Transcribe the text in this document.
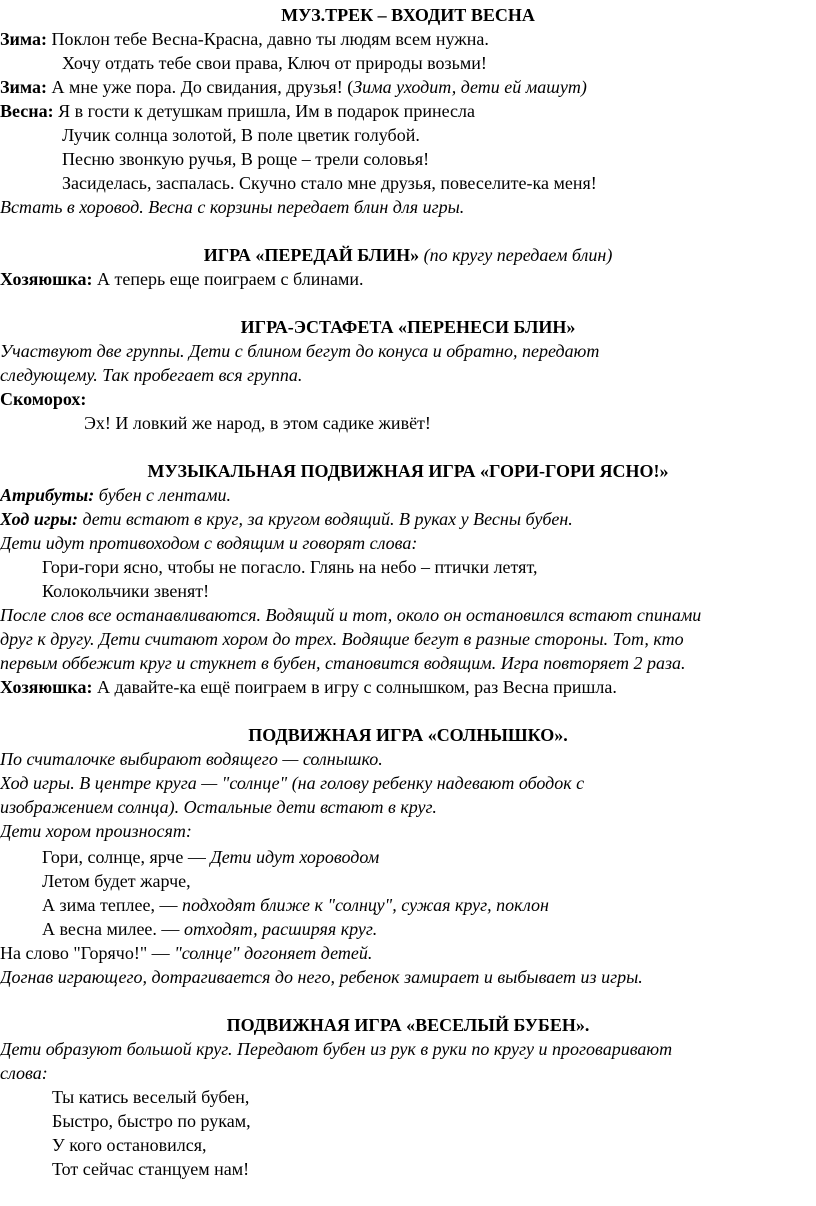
МУЗ.ТРЕК – ВХОДИТ ВЕСНА
Зима: Поклон тебе Весна-Красна, давно ты людям всем нужна.
Хочу отдать тебе свои права, Ключ от природы возьми!
Зима: А мне уже пора. До свидания, друзья! (Зима уходит, дети ей машут)
Весна: Я в гости к детушкам пришла, Им в подарок принесла
Лучик солнца золотой, В поле цветик голубой.
Песню звонкую ручья, В роще – трели соловья!
Засиделась, заспалась. Скучно стало мне друзья, повеселите-ка меня!
Встать в хоровод. Весна с корзины передает блин для игры.
ИГРА «ПЕРЕДАЙ БЛИН» (по кругу передаем блин)
Хозяюшка: А теперь еще поиграем с блинами.
ИГРА-ЭСТАФЕТА «ПЕРЕНЕСИ БЛИН»
Участвуют две группы. Дети с блином бегут до конуса и обратно, передают
следующему. Так пробегает вся группа.
Скоморох:
Эх! И ловкий же народ, в этом садике живёт!
МУЗЫКАЛЬНАЯ ПОДВИЖНАЯ ИГРА «ГОРИ-ГОРИ ЯСНО!»
Атрибуты: бубен с лентами.
Ход игры: дети встают в круг, за кругом водящий. В руках у Весны бубен.
Дети идут противоходом с водящим и говорят слова:
Гори-гори ясно, чтобы не погасло. Глянь на небо – птички летят,
Колокольчики звенят!
После слов все останавливаются. Водящий и тот, около он остановился встают спинами
друг к другу. Дети считают хором до трех. Водящие бегут в разные стороны. Тот, кто
первым оббежит круг и стукнет в бубен, становится водящим. Игра повторяет 2 раза.
Хозяюшка: А давайте-ка ещё поиграем в игру с солнышком, раз Весна пришла.
ПОДВИЖНАЯ ИГРА «СОЛНЫШКО».
По считалочке выбирают водящего — солнышко.
Ход игры. В центре круга — "солнце" (на голову ребенку надевают ободок с
изображением солнца). Остальные дети встают в круг.
Дети хором произносят:
Гори, солнце, ярче — Дети идут хороводом
Летом будет жарче,
А зима теплее, — подходят ближе к "солнцу", сужая круг, поклон
А весна милее. — отходят, расширяя круг.
На слово "Горячо!" — "солнце" догоняет детей.
Догнав играющего, дотрагивается до него, ребенок замирает и выбывает из игры.
ПОДВИЖНАЯ ИГРА «ВЕСЕЛЫЙ БУБЕН».
Дети образуют большой круг. Передают бубен из рук в руки по кругу и проговаривают
слова:
Ты катись веселый бубен,
Быстро, быстро по рукам,
У кого остановился,
Тот сейчас станцуем нам!
